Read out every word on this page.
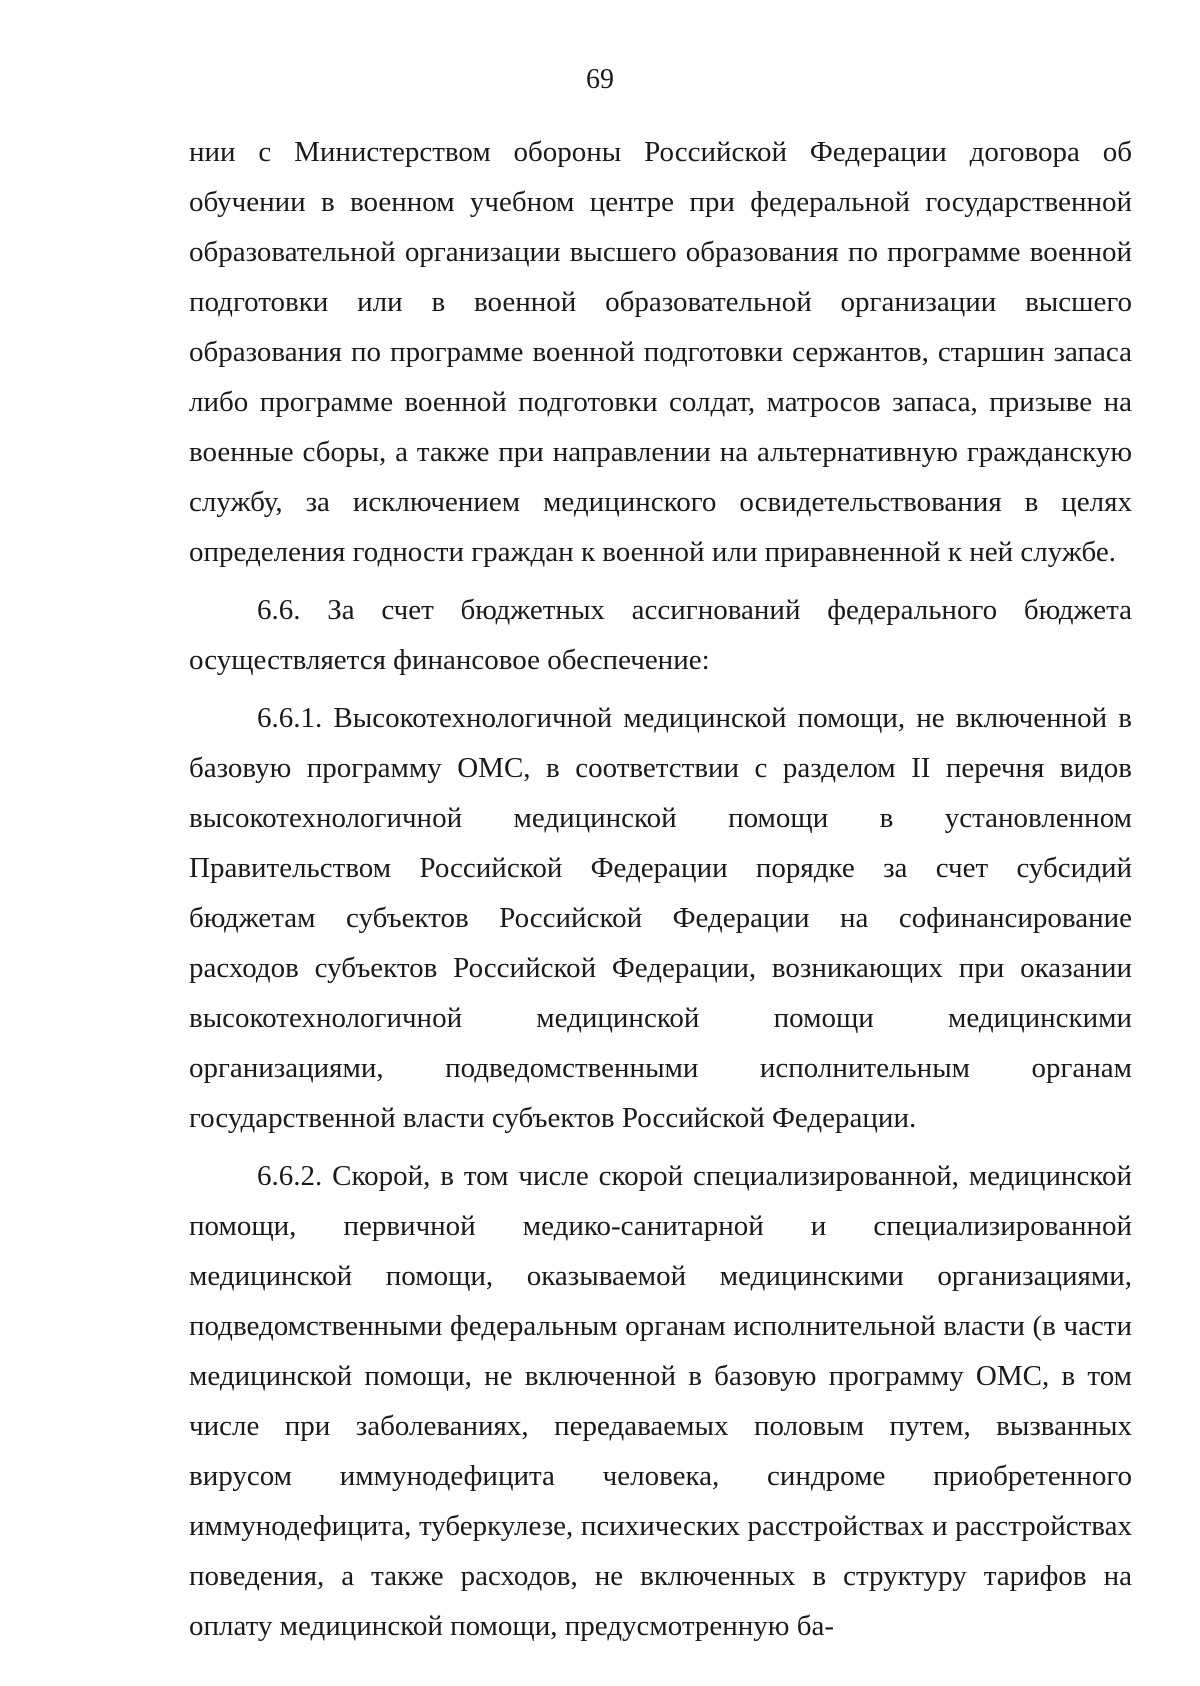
69

нии с Министерством обороны Российской Федерации договора об обучении в военном учебном центре при федеральной государственной образовательной организации высшего образования по программе военной подготовки или в военной образовательной организации высшего образования по программе военной подготовки сержантов, старшин запаса либо программе военной подготовки солдат, матросов запаса, призыве на военные сборы, а также при направлении на альтернативную гражданскую службу, за исключением медицинского освидетельствования в целях определения годности граждан к военной или приравненной к ней службе.

6.6. За счет бюджетных ассигнований федерального бюджета осуществляется финансовое обеспечение:

6.6.1. Высокотехнологичной медицинской помощи, не включенной в базовую программу ОМС, в соответствии с разделом II перечня видов высокотехнологичной медицинской помощи в установленном Правительством Российской Федерации порядке за счет субсидий бюджетам субъектов Российской Федерации на софинансирование расходов субъектов Российской Федерации, возникающих при оказании высокотехнологичной медицинской помощи медицинскими организациями, подведомственными исполнительным органам государственной власти субъектов Российской Федерации.

6.6.2. Скорой, в том числе скорой специализированной, медицинской помощи, первичной медико-санитарной и специализированной медицинской помощи, оказываемой медицинскими организациями, подведомственными федеральным органам исполнительной власти (в части медицинской помощи, не включенной в базовую программу ОМС, в том числе при заболеваниях, передаваемых половым путем, вызванных вирусом иммунодефицита человека, синдроме приобретенного иммунодефицита, туберкулезе, психических расстройствах и расстройствах поведения, а также расходов, не включенных в структуру тарифов на оплату медицинской помощи, предусмотренную ба-
